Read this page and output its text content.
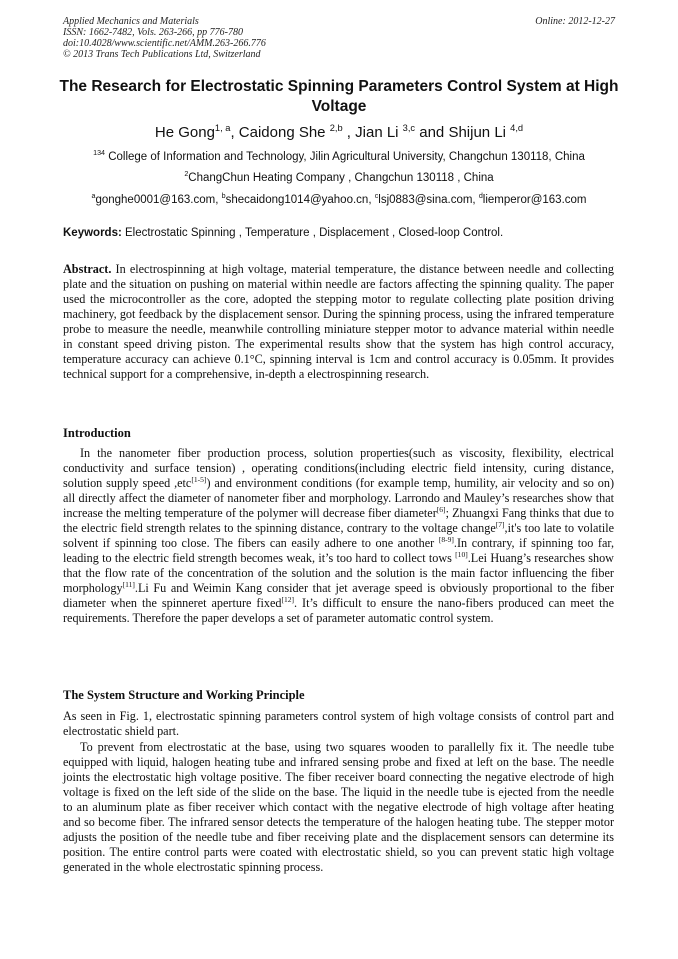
Applied Mechanics and Materials
ISSN: 1662-7482, Vols. 263-266, pp 776-780
doi:10.4028/www.scientific.net/AMM.263-266.776
© 2013 Trans Tech Publications Ltd, Switzerland
Online: 2012-12-27
The Research for Electrostatic Spinning Parameters Control System at High Voltage
He Gong$^{1, a}$, Caidong She $^{2,b}$ , Jian Li $^{3,c}$ and Shijun Li $^{4,d}$
$^{134}$ College of Information and Technology, Jilin Agricultural University, Changchun 130118, China
$^2$ChangChun Heating Company , Changchun 130118 , China
$^a$gonghe0001@163.com, $^b$shecaidong1014@yahoo.cn, $^c$lsj0883@sina.com, $^d$liemperor@163.com
Keywords: Electrostatic Spinning , Temperature , Displacement , Closed-loop Control.

Abstract. In electrospinning at high voltage, material temperature, the distance between needle and collecting plate and the situation on pushing on material within needle are factors affecting the spinning quality. The paper used the microcontroller as the core, adopted the stepping motor to regulate collecting plate position driving machinery, got feedback by the displacement sensor. During the spinning process, using the infrared temperature probe to measure the needle, meanwhile controlling miniature stepper motor to advance material within needle in constant speed driving piston. The experimental results show that the system has high control accuracy, temperature accuracy can achieve 0.1°C, spinning interval is 1cm and control accuracy is 0.05mm. It provides technical support for a comprehensive, in-depth a electrospinning research.

Introduction

In the nanometer fiber production process, solution properties(such as viscosity, flexibility, electrical conductivity and surface tension) , operating conditions(including electric field intensity, curing distance, solution supply speed ,etc[1-5]) and environment conditions (for example temp, humility, air velocity and so on) all directly affect the diameter of nanometer fiber and morphology. Larrondo and Mauley’s researches show that increase the melting temperature of the polymer will decrease fiber diameter[6]; Zhuangxi Fang thinks that due to the electric field strength relates to the spinning distance, contrary to the voltage change[7],it's too late to volatile solvent if spinning too close. The fibers can easily adhere to one another [8-9].In contrary, if spinning too far, leading to the electric field strength becomes weak, it’s too hard to collect tows [10].Lei Huang’s researches show that the flow rate of the concentration of the solution and the solution is the main factor influencing the fiber morphology[11].Li Fu and Weimin Kang consider that jet average speed is obviously proportional to the fiber diameter when the spinneret aperture fixed[12]. It’s difficult to ensure the nano-fibers produced can meet the requirements. Therefore the paper develops a set of parameter automatic control system.

The System Structure and Working Principle

As seen in Fig. 1, electrostatic spinning parameters control system of high voltage consists of control part and electrostatic shield part.

To prevent from electrostatic at the base, using two squares wooden to parallelly fix it. The needle tube equipped with liquid, halogen heating tube and infrared sensing probe and fixed at left on the base. The needle joints the electrostatic high voltage positive. The fiber receiver board connecting the negative electrode of high voltage is fixed on the left side of the slide on the base. The liquid in the needle tube is ejected from the needle to an aluminum plate as fiber receiver which contact with the negative electrode of high voltage after heating and so become fiber. The infrared sensor detects the temperature of the halogen heating tube. The stepper motor adjusts the position of the needle tube and fiber receiving plate and the displacement sensors can determine its position. The entire control parts were coated with electrostatic shield, so you can prevent static high voltage generated in the whole electrostatic spinning process.
